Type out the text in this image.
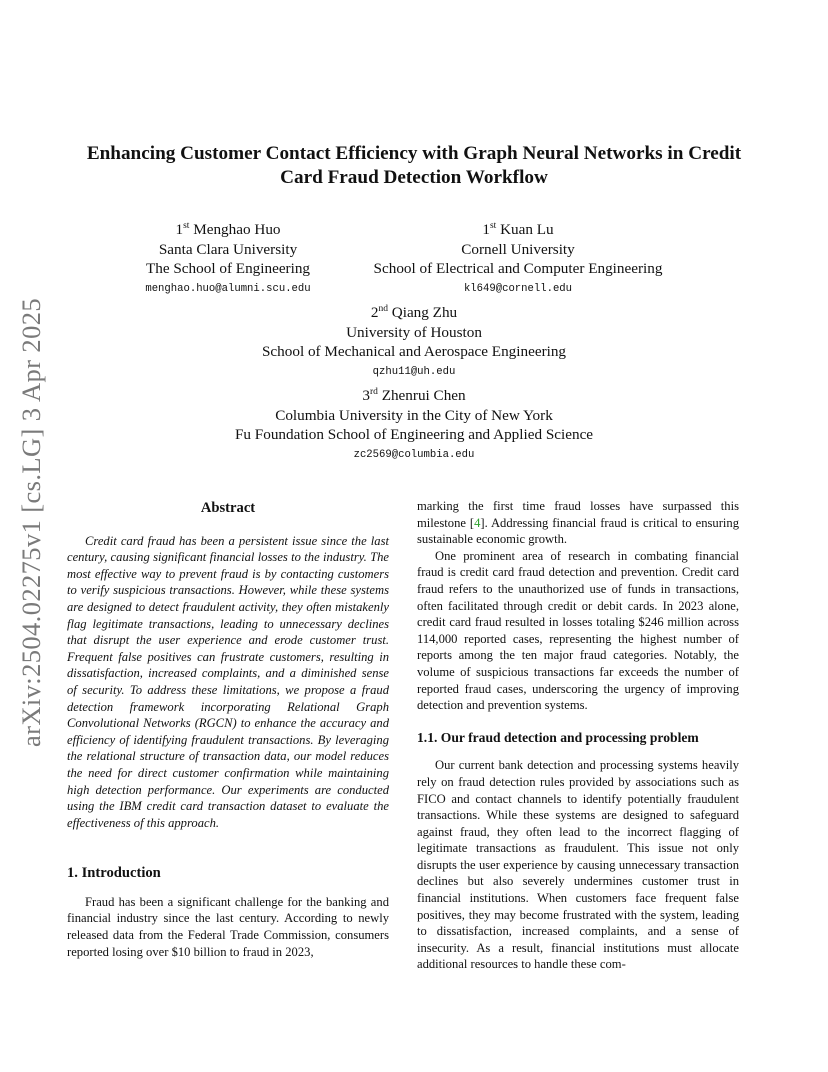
arXiv:2504.02275v1 [cs.LG] 3 Apr 2025
Enhancing Customer Contact Efficiency with Graph Neural Networks in Credit
Card Fraud Detection Workflow
1st Menghao Huo
Santa Clara University
The School of Engineering
menghao.huo@alumni.scu.edu
1st Kuan Lu
Cornell University
School of Electrical and Computer Engineering
kl649@cornell.edu
2nd Qiang Zhu
University of Houston
School of Mechanical and Aerospace Engineering
qzhu11@uh.edu
3rd Zhenrui Chen
Columbia University in the City of New York
Fu Foundation School of Engineering and Applied Science
zc2569@columbia.edu
Abstract

Credit card fraud has been a persistent issue since the last century, causing significant financial losses to the industry. The most effective way to prevent fraud is by contacting customers to verify suspicious transactions. However, while these systems are designed to detect fraudulent activity, they often mistakenly flag legitimate transactions, leading to unnecessary declines that disrupt the user experience and erode customer trust. Frequent false positives can frustrate customers, resulting in dissatisfaction, increased complaints, and a diminished sense of security. To address these limitations, we propose a fraud detection framework incorporating Relational Graph Convolutional Networks (RGCN) to enhance the accuracy and efficiency of identifying fraudulent transactions. By leveraging the relational structure of transaction data, our model reduces the need for direct customer confirmation while maintaining high detection performance. Our experiments are conducted using the IBM credit card transaction dataset to evaluate the effectiveness of this approach.

1. Introduction

Fraud has been a significant challenge for the banking and financial industry since the last century. According to newly released data from the Federal Trade Commission, consumers reported losing over $10 billion to fraud in 2023,

marking the first time fraud losses have surpassed this milestone [4]. Addressing financial fraud is critical to ensuring sustainable economic growth.

One prominent area of research in combating financial fraud is credit card fraud detection and prevention. Credit card fraud refers to the unauthorized use of funds in transactions, often facilitated through credit or debit cards. In 2023 alone, credit card fraud resulted in losses totaling $246 million across 114,000 reported cases, representing the highest number of reports among the ten major fraud categories. Notably, the volume of suspicious transactions far exceeds the number of reported fraud cases, underscoring the urgency of improving detection and prevention systems.

1.1. Our fraud detection and processing problem

Our current bank detection and processing systems heavily rely on fraud detection rules provided by associations such as FICO and contact channels to identify potentially fraudulent transactions. While these systems are designed to safeguard against fraud, they often lead to the incorrect flagging of legitimate transactions as fraudulent. This issue not only disrupts the user experience by causing unnecessary transaction declines but also severely undermines customer trust in financial institutions. When customers face frequent false positives, they may become frustrated with the system, leading to dissatisfaction, increased complaints, and a sense of insecurity. As a result, financial institutions must allocate additional resources to handle these com-
